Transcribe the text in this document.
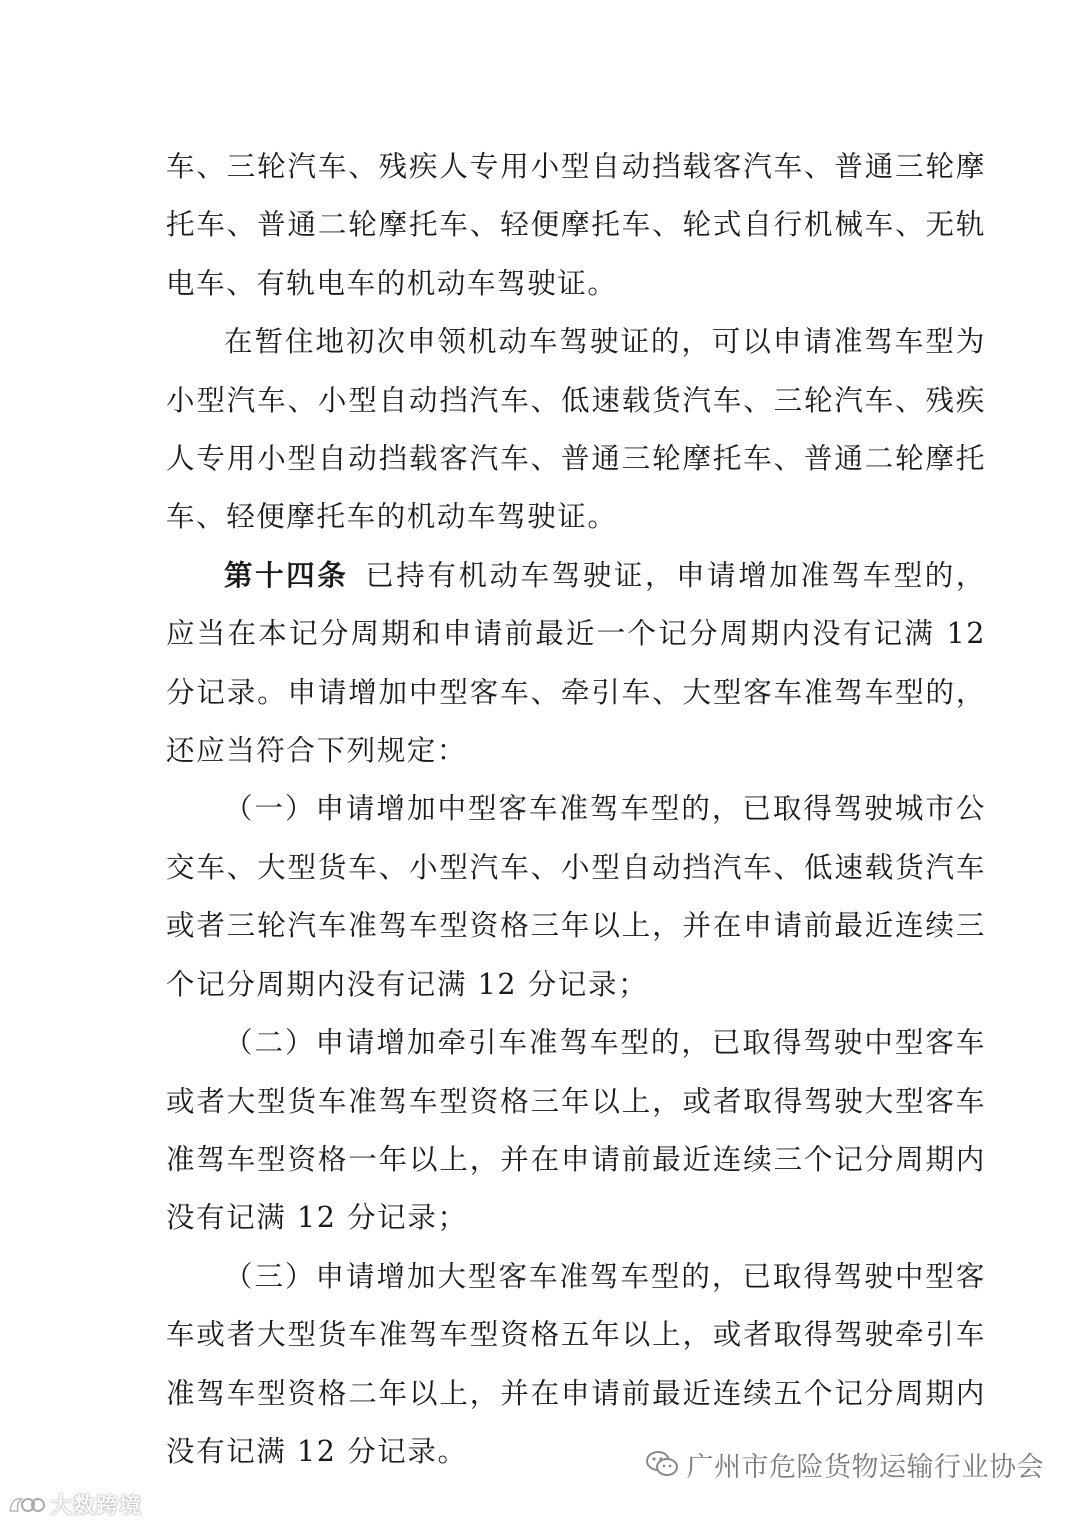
车、三轮汽车、残疾人专用小型自动挡载客汽车、普通三轮摩托车、普通二轮摩托车、轻便摩托车、轮式自行机械车、无轨电车、有轨电车的机动车驾驶证。

在暂住地初次申领机动车驾驶证的，可以申请准驾车型为小型汽车、小型自动挡汽车、低速载货汽车、三轮汽车、残疾人专用小型自动挡载客汽车、普通三轮摩托车、普通二轮摩托车、轻便摩托车的机动车驾驶证。

第十四条  已持有机动车驾驶证，申请增加准驾车型的，应当在本记分周期和申请前最近一个记分周期内没有记满 12 分记录。申请增加中型客车、牵引车、大型客车准驾车型的，还应当符合下列规定：

（一）申请增加中型客车准驾车型的，已取得驾驶城市公交车、大型货车、小型汽车、小型自动挡汽车、低速载货汽车或者三轮汽车准驾车型资格三年以上，并在申请前最近连续三个记分周期内没有记满 12 分记录；

（二）申请增加牵引车准驾车型的，已取得驾驶中型客车或者大型货车准驾车型资格三年以上，或者取得驾驶大型客车准驾车型资格一年以上，并在申请前最近连续三个记分周期内没有记满 12 分记录；

（三）申请增加大型客车准驾车型的，已取得驾驶中型客车或者大型货车准驾车型资格五年以上，或者取得驾驶牵引车准驾车型资格二年以上，并在申请前最近连续五个记分周期内没有记满 12 分记录。	广州市危险货物运输行业协会
大数跨境
